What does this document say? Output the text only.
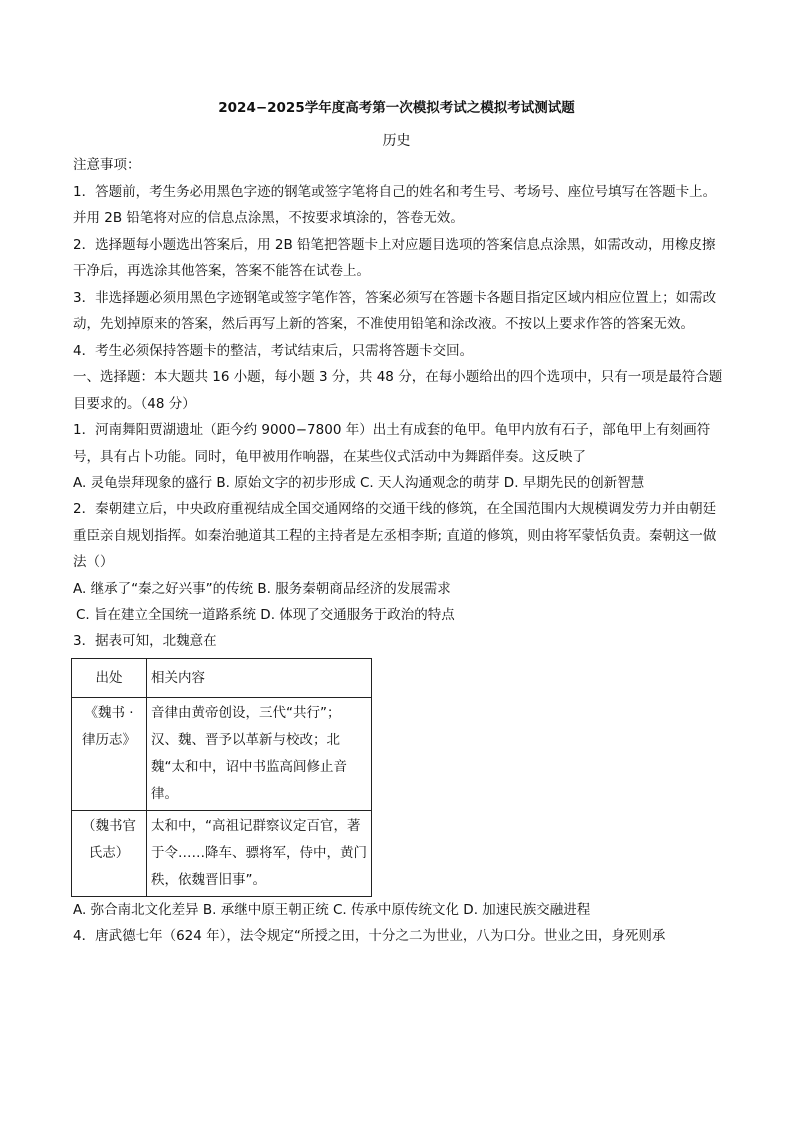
2024−2025学年度高考第一次模拟考试之模拟考试测试题
历史

注意事项：

1．答题前，考生务必用黑色字迹的钢笔或签字笔将自己的姓名和考生号、考场号、座位号填写在答题卡上。并用 2B 铅笔将对应的信息点涂黑，不按要求填涂的，答卷无效。

2．选择题每小题选出答案后，用 2B 铅笔把答题卡上对应题目选项的答案信息点涂黑，如需改动，用橡皮擦干净后，再选涂其他答案，答案不能答在试卷上。

3．非选择题必须用黑色字迹钢笔或签字笔作答，答案必须写在答题卡各题目指定区域内相应位置上；如需改动，先划掉原来的答案，然后再写上新的答案，不准使用铅笔和涂改液。不按以上要求作答的答案无效。

4．考生必须保持答题卡的整洁，考试结束后，只需将答题卡交回。

一、选择题：本大题共 16 小题，每小题 3 分，共 48 分，在每小题给出的四个选项中，只有一项是最符合题目要求的。（48 分）

1．河南舞阳贾湖遗址（距今约 9000−7800 年）出土有成套的龟甲。龟甲内放有石子，部龟甲上有刻画符号，具有占卜功能。同时，龟甲被用作响器，在某些仪式活动中为舞蹈伴奏。这反映了

A. 灵龟崇拜现象的盛行 B. 原始文字的初步形成 C. 天人沟通观念的萌芽 D. 早期先民的创新智慧

2．秦朝建立后，中央政府重视结成全国交通网络的交通干线的修筑，在全国范围内大规模调发劳力并由朝廷重臣亲自规划指挥。如秦治驰道其工程的主持者是左丞相李斯; 直道的修筑，则由将军蒙恬负责。秦朝这一做法（）

A. 继承了“秦之好兴事”的传统 B. 服务秦朝商品经济的发展需求

C. 旨在建立全国统一道路系统 D. 体现了交通服务于政治的特点

3．据表可知，北魏意在

出处	相关内容
《魏书 · 律历志》	音律由黄帝创设，三代“共行”；汉、魏、晋予以革新与校改；北魏“太和中，诏中书监高闾修止音律。
（魏书官氏志）	太和中，“高祖记群察议定百官，著于令……降车、骠将军，侍中，黄门秩，依魏晋旧事”。

A. 弥合南北文化差异 B. 承继中原王朝正统 C. 传承中原传统文化 D. 加速民族交融进程

4．唐武德七年（624 年），法令规定“所授之田，十分之二为世业，八为口分。世业之田，身死则承
